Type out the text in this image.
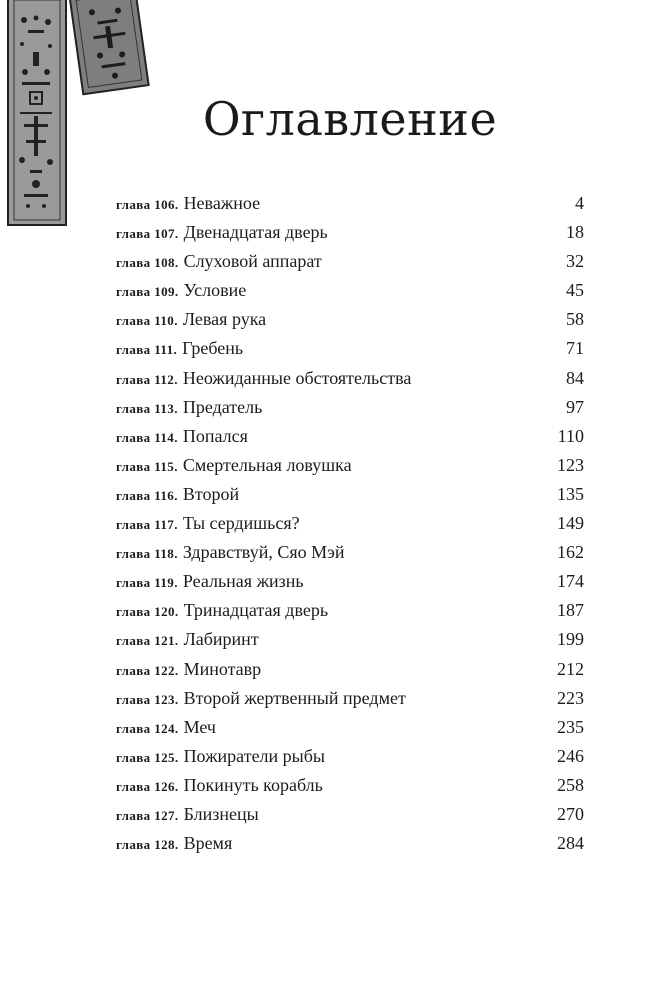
Оглавление
глава 106. Неважное	4
глава 107. Двенадцатая дверь	18
глава 108. Слуховой аппарат	32
глава 109. Условие	45
глава 110. Левая рука	58
глава 111. Гребень	71
глава 112. Неожиданные обстоятельства	84
глава 113. Предатель	97
глава 114. Попался	110
глава 115. Смертельная ловушка	123
глава 116. Второй	135
глава 117. Ты сердишься?	149
глава 118. Здравствуй, Сяо Мэй	162
глава 119. Реальная жизнь	174
глава 120. Тринадцатая дверь	187
глава 121. Лабиринт	199
глава 122. Минотавр	212
глава 123. Второй жертвенный предмет	223
глава 124. Меч	235
глава 125. Пожиратели рыбы	246
глава 126. Покинуть корабль	258
глава 127. Близнецы	270
глава 128. Время	284
